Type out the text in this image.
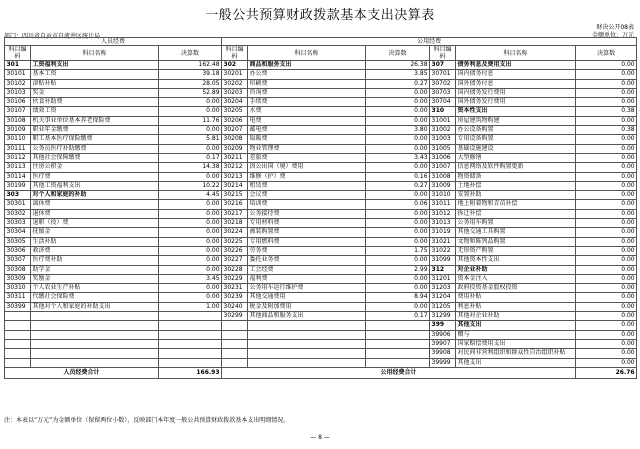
一般公共预算财政拨款基本支出决算表
财决公开08表
部门：四川省自贡市自流井区统计局	金额单位：万元
人员经费			公用经费					
科目编码	科目名称	决算数	科目编码	科目名称	决算数	科目编码	科目名称	决算数
301	工资福利支出	162.48	302	商品和服务支出	26.38	307	债务利息及费用支出	0.00
30101	基本工资	39.18	30201	办公费	3.85	30701	国内债务付息	0.00
30102	津贴补贴	28.05	30202	印刷费	0.27	30702	国外债务付息	0.00
30103	奖金	52.89	30203	咨询费	0.00	30703	国内债务发行费用	0.00
30106	伙食补助费	0.00	30204	手续费	0.00	30704	国外债务发行费用	0.00
30107	绩效工资	0.00	30205	水费	0.00	310	资本性支出	0.38
30108	机关事业单位基本养老保险费	11.76	30206	电费	0.00	31001	房屋建筑物购建	0.00
30109	职业年金缴费	0.00	30207	邮电费	3.80	31002	办公设备购置	0.38
30110	职工基本医疗保险缴费	5.81	30208	取暖费	0.00	31003	专用设备购置	0.00
30111	公务员医疗补助缴费	0.00	30209	物业管理费	0.00	31005	基础设施建设	0.00
30112	其他社会保障缴费	0.17	30211	差旅费	3.43	31006	大型修缮	0.00
30113	住房公积金	14.38	30212	因公出国（境）费用	0.00	31007	信息网络及软件购置更新	0.00
30114	医疗费	0.00	30213	维修（护）费	0.16	31008	物资储备	0.00
30199	其他工资福利支出	10.22	30214	租赁费	0.27	31009	土地补偿	0.00
303	对个人和家庭的补助	4.45	30215	会议费	0.00	31010	安置补助	0.00
30301	离休费	0.00	30216	培训费	0.06	31011	地上附着物和青苗补偿	0.00
30302	退休费	0.00	30217	公务接待费	0.00	31012	拆迁补偿	0.00
30303	退职（役）费	0.00	30218	专用材料费	0.00	31013	公务用车购置	0.00
30304	抚恤金	0.00	30224	被装购置费	0.00	31019	其他交通工具购置	0.00
30305	生活补助	0.00	30225	专用燃料费	0.00	31021	文物和陈列品购置	0.00
30306	救济费	0.00	30226	劳务费	1.75	31022	无形资产购置	0.00
30307	医疗费补助	0.00	30227	委托业务费	0.00	31099	其他资本性支出	0.00
30308	助学金	0.00	30228	工会经费	2.99	312	对企业补助	0.00
30309	奖励金	3.45	30229	福利费	0.00	31201	资本金注入	0.00
30310	个人农业生产补贴	0.00	30231	公务用车运行维护费	0.00	31203	政府投资基金股权投资	0.00
30311	代缴社会保险费	0.00	30239	其他交通费用	8.94	31204	费用补贴	0.00
30399	其他对个人和家庭的补助支出	1.00	30240	税金及附加费用	0.00	31205	利息补贴	0.00
			30299	其他商品和服务支出	0.17	31299	其他对企业补助	0.00
						399	其他支出	0.00
						39906	赠与	0.00
						39907	国家赔偿费用支出	0.00
						39908	对民间非营利组织和群众性自治组织补贴	0.00
						39999	其他支出	0.00
人员经费合计		166.93	公用经费合计					26.76
注：本表以“万元”为金额单位（保留两位小数），反映部门本年度一般公共预算财政拨款基本支出明细情况。
— 8 —
